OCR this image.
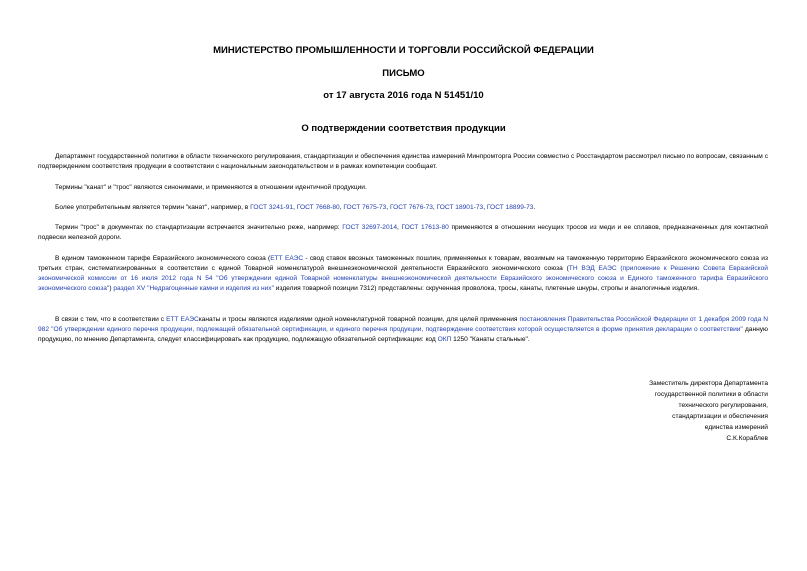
МИНИСТЕРСТВО ПРОМЫШЛЕННОСТИ И ТОРГОВЛИ РОССИЙСКОЙ ФЕДЕРАЦИИ
ПИСЬМО
от 17 августа 2016 года N 51451/10
О подтверждении соответствия продукции

Департамент государственной политики в области технического регулирования, стандартизации и обеспечения единства измерений Минпромторга России совместно с Росстандартом рассмотрел письмо по вопросам, связанным с подтверждением соответствия продукции в соответствии с национальным законодательством и в рамках компетенции сообщает.

Термины "канат" и "трос" являются синонимами, и применяются в отношении идентичной продукции.

Более употребительным является термин "канат", например, в ГОСТ 3241-91, ГОСТ 7668-80, ГОСТ 7675-73, ГОСТ 7676-73, ГОСТ 18901-73, ГОСТ 18899-73.

Термин "трос" в документах по стандартизации встречается значительно реже, например: ГОСТ 32697-2014, ГОСТ 17613-80 применяются в отношении несущих тросов из меди и ее сплавов, предназначенных для контактной подвески железной дороги.

В едином таможенном тарифе Евразийского экономического союза (ЕТТ ЕАЭС - свод ставок ввозных таможенных пошлин, применяемых к товарам, ввозимым на таможенную территорию Евразийского экономического союза из третьих стран, систематизированных в соответствии с единой Товарной номенклатурой внешнеэкономической деятельности Евразийского экономического союза (ТН ВЭД ЕАЭС (приложение к Решению Совета Евразийской экономической комиссии от 16 июля 2012 года N 54 "Об утверждении единой Товарной номенклатуры внешнеэкономической деятельности Евразийского экономического союза и Единого таможенного тарифа Евразийского экономического союза") раздел XV "Недрагоценные камни и изделия из них" изделия товарной позиции 7312) представлены: скрученная проволока, тросы, канаты, плетеные шнуры, стропы и аналогичные изделия.

В связи с тем, что в соответствии с ЕТТ ЕАЭСканаты и тросы являются изделиями одной номенклатурной товарной позиции, для целей применения постановления Правительства Российской Федерации от 1 декабря 2009 года N 982 "Об утверждении единого перечня продукции, подлежащей обязательной сертификации, и единого перечня продукции, подтверждение соответствия которой осуществляется в форме принятия декларации о соответствии" данную продукцию, по мнению Департамента, следует классифицировать как продукцию, подлежащую обязательной сертификации: код ОКП 1250 "Канаты стальные".

Заместитель директора Департамента
государственной политики в области
технического регулирования,
стандартизации и обеспечения
единства измерений
С.К.Кораблев
